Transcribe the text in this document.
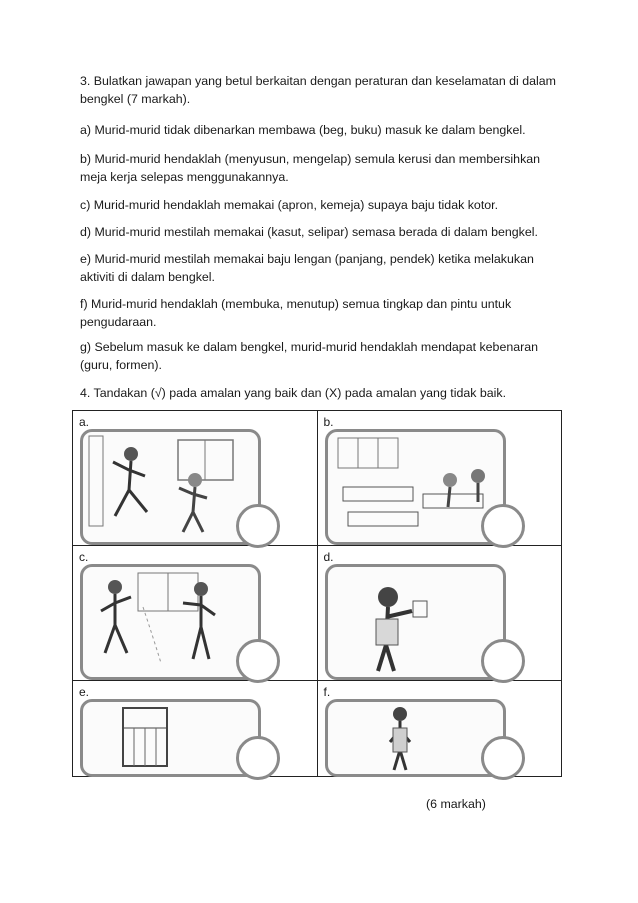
3. Bulatkan jawapan yang betul berkaitan dengan peraturan dan keselamatan di dalam bengkel (7 markah).
a) Murid-murid tidak dibenarkan membawa (beg, buku) masuk ke dalam bengkel.
b) Murid-murid hendaklah (menyusun, mengelap) semula kerusi dan membersihkan meja kerja selepas menggunakannya.
c) Murid-murid hendaklah memakai (apron, kemeja) supaya baju tidak kotor.
d) Murid-murid mestilah memakai (kasut, selipar) semasa berada di dalam bengkel.
e) Murid-murid mestilah memakai baju lengan (panjang, pendek) ketika melakukan aktiviti di dalam bengkel.
f) Murid-murid hendaklah (membuka, menutup) semua tingkap dan pintu untuk pengudaraan.
g) Sebelum masuk ke dalam bengkel, murid-murid hendaklah mendapat kebenaran (guru, formen).
4. Tandakan (√) pada amalan yang baik dan (X) pada amalan yang tidak baik.
a.	b.

c.	d.

e.	f.
(6 markah)
